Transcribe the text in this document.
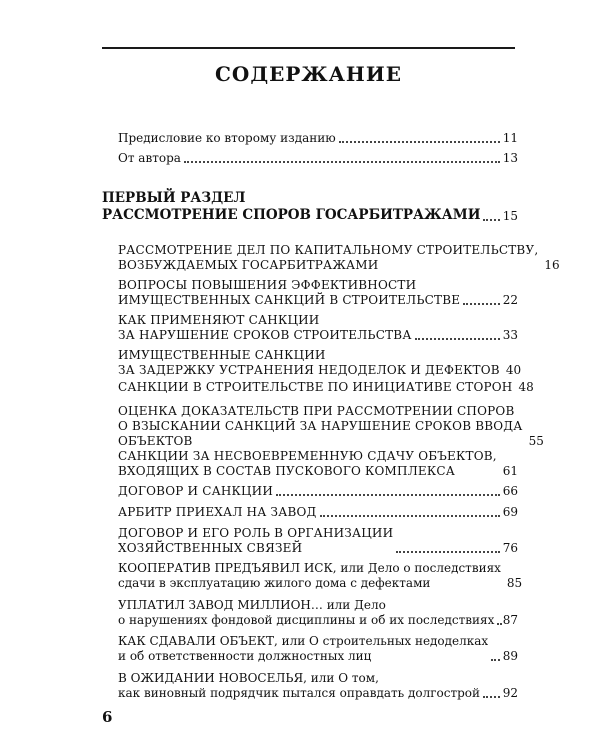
СОДЕРЖАНИЕ
Предисловие ко второму изданию	11
От автора	13
ПЕРВЫЙ РАЗДЕЛ
РАССМОТРЕНИЕ СПОРОВ ГОСАРБИТРАЖАМИ 15
РАССМОТРЕНИЕ ДЕЛ ПО КАПИТАЛЬНОМУ СТРОИТЕЛЬСТВУ,
ВОЗБУЖДАЕМЫХ ГОСАРБИТРАЖАМИ	16
ВОПРОСЫ ПОВЫШЕНИЯ ЭФФЕКТИВНОСТИ
ИМУЩЕСТВЕННЫХ САНКЦИЙ В СТРОИТЕЛЬСТВЕ	22
КАК ПРИМЕНЯЮТ САНКЦИИ
ЗА НАРУШЕНИЕ СРОКОВ СТРОИТЕЛЬСТВА	33
ИМУЩЕСТВЕННЫЕ САНКЦИИ
ЗА ЗАДЕРЖКУ УСТРАНЕНИЯ НЕДОДЕЛОК И ДЕФЕКТОВ 40
САНКЦИИ В СТРОИТЕЛЬСТВЕ ПО ИНИЦИАТИВЕ СТОРОН 48
ОЦЕНКА ДОКАЗАТЕЛЬСТВ ПРИ РАССМОТРЕНИИ СПОРОВ
О ВЗЫСКАНИИ САНКЦИЙ ЗА НАРУШЕНИЕ СРОКОВ ВВОДА
ОБЪЕКТОВ	55
САНКЦИИ ЗА НЕСВОЕВРЕМЕННУЮ СДАЧУ ОБЪЕКТОВ,
ВХОДЯЩИХ В СОСТАВ ПУСКОВОГО КОМПЛЕКСА	61
ДОГОВОР И САНКЦИИ	66
АРБИТР ПРИЕХАЛ НА ЗАВОД	69
ДОГОВОР И ЕГО РОЛЬ В ОРГАНИЗАЦИИ
ХОЗЯЙСТВЕННЫХ СВЯЗЕЙ	76
КООПЕРАТИВ ПРЕДЪЯВИЛ ИСК, или Дело о последствиях
сдачи в эксплуатацию жилого дома с дефектами	85
УПЛАТИЛ ЗАВОД МИЛЛИОН… или Дело
о нарушениях фондовой дисциплины и об их последствиях 87
КАК СДАВАЛИ ОБЪЕКТ, или О строительных недоделках
и об ответственности должностных лиц	89
В ОЖИДАНИИ НОВОСЕЛЬЯ, или О том,
как виновный подрядчик пытался оправдать долгострой 92
6
